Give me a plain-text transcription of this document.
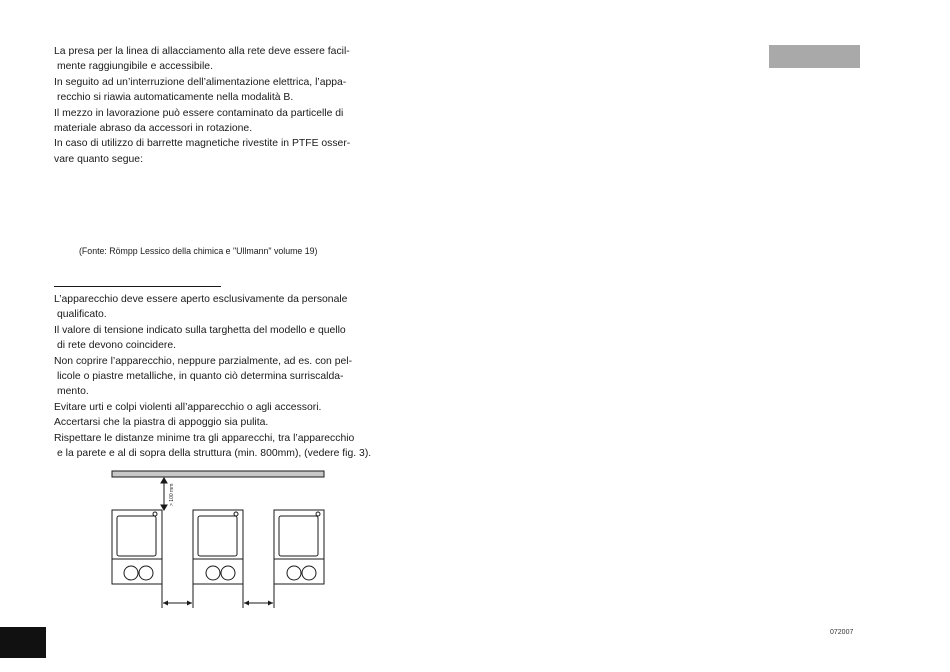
La presa per la linea di allacciamento alla rete deve essere facil-
mente raggiungibile e accessibile.

In seguito ad un’interruzione dell’alimentazione elettrica, l’appa-
recchio si riawia automaticamente nella modalità B.

Il mezzo in lavorazione può essere contaminato da particelle di
materiale abraso da accessori in rotazione.

In caso di utilizzo di barrette magnetiche rivestite in PTFE osser-
vare quanto segue:

(Fonte: Römpp Lessico della chimica e "Ullmann" volume 19)

L’apparecchio deve essere aperto esclusivamente da personale
qualificato.

Il valore di tensione indicato sulla targhetta del modello e quello
di rete devono coincidere.

Non coprire l’apparecchio, neppure parzialmente, ad es. con pel-
licole o piastre metalliche, in quanto ciò determina surriscalda-
mento.

Evitare urti e colpi violenti all’apparecchio o agli accessori.

Accertarsi che la piastra di appoggio sia pulita.

Rispettare le distanze minime tra gli apparecchi, tra l’apparecchio
e la parete e al di sopra della struttura (min. 800mm), (vedere fig. 3).

> 100 mm
072007
